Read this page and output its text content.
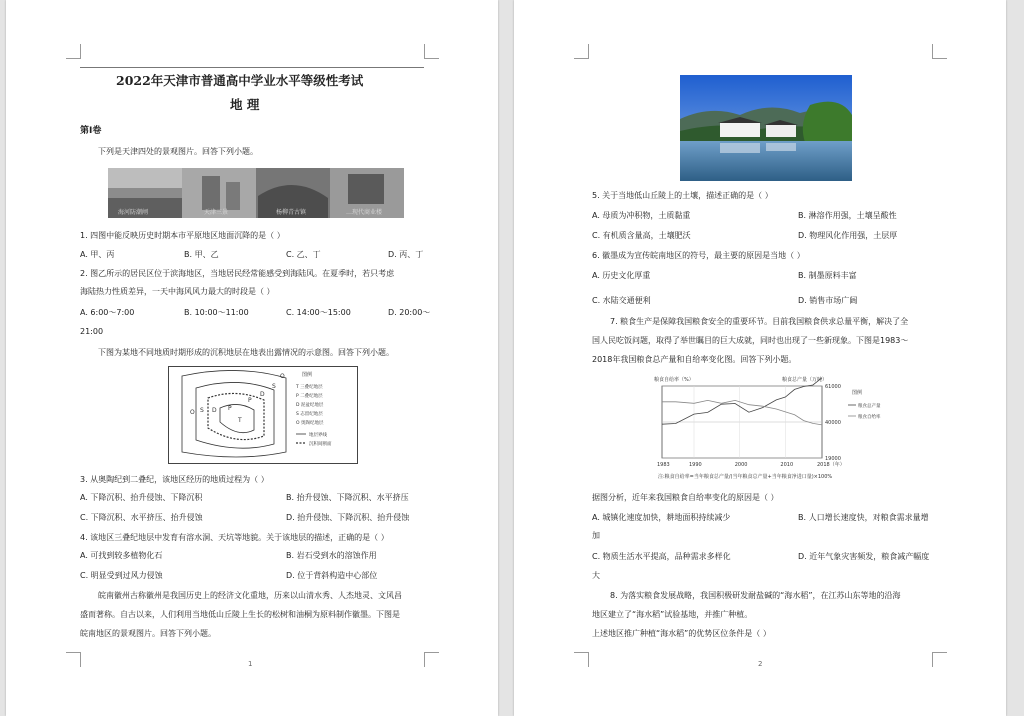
2022年天津市普通高中学业水平等级性考试
地 理
第I卷
下列是天津四处的景观图片。回答下列小题。
海河防潮闸	天津三景	杨柳青古镇	…现代商业楼
1. 四图中能反映历史时期本市平原地区地面沉降的是（ ）
A. 甲、丙	B. 甲、乙	C. 乙、丁	D. 丙、丁
2. 图乙所示的居民区位于滨海地区，当地居民经常能感受到海陆风。在夏季时，若只考虑
海陆热力性质差异，一天中海风风力最大的时段是（ ）
A. 6:00～7:00	B. 10:00～11:00	C. 14:00～15:00	D. 20:00～
21:00
下图为某地不同地质时期形成的沉积地层在地表出露情况的示意图。回答下列小题。
O S D P
T
P
D
S
O	图例
T 三叠纪地层
P 二叠纪地层
D 泥盆纪地层
S 志留纪地层
O 奥陶纪地层
地层界线
沉积间断面
3. 从奥陶纪到二叠纪，该地区经历的地质过程为（ ）
A. 下降沉积、抬升侵蚀、下降沉积	B. 抬升侵蚀、下降沉积、水平挤压
C. 下降沉积、水平挤压、抬升侵蚀	D. 抬升侵蚀、下降沉积、抬升侵蚀
4. 该地区三叠纪地层中发育有溶水洞、天坑等地貌。关于该地层的描述，正确的是（ ）
A. 可找到较多植物化石	B. 岩石受到水的溶蚀作用
C. 明显受到过风力侵蚀	D. 位于背斜构造中心部位
皖南徽州古称徽州是我国历史上的经济文化重地，历来以山清水秀、人杰地灵、文风昌
盛而著称。自古以来，人们利用当地低山丘陵上生长的松树和油桐为原料制作徽墨。下图是
皖南地区的景观图片。回答下列小题。
1
5. 关于当地低山丘陵上的土壤，描述正确的是（ ）
A. 母质为冲积物，土质黏重	B. 淋溶作用强，土壤呈酸性
C. 有机质含量高，土壤肥沃	D. 物理风化作用强，土层厚
6. 徽墨成为宣传皖南地区的符号，最主要的原因是当地（ ）
A. 历史文化厚重	B. 制墨原料丰富
C. 水陆交通便利	D. 销售市场广阔
7. 粮食生产是保障我国粮食安全的重要环节。目前我国粮食供求总量平衡，解决了全
国人民吃饭问题，取得了举世瞩目的巨大成就，同时也出现了一些新现象。下图是1983～
2018年我国粮食总产量和自给率变化图。回答下列小题。
粮食自给率（%）	粮食总产量（万吨）
61000
40000
19000
1983	1990	2000	2010	2018（年）
图例
粮食总产量
粮食自给率
注:粮食自给率=当年粮食总产量/(当年粮食总产量+当年粮食净进口量)×100%
据图分析，近年来我国粮食自给率变化的原因是（ ）
A. 城镇化速度加快，耕地面积持续减少	B. 人口增长速度快，对粮食需求量增
加
C. 物质生活水平提高，品种需求多样化	D. 近年气象灾害频发，粮食减产幅度
大
8. 为落实粮食发展战略，我国积极研发耐盐碱的“海水稻”，在江苏山东等地的沿海
地区建立了“海水稻”试验基地，并推广种植。
上述地区推广种植“海水稻”的优势区位条件是（ ）
2
